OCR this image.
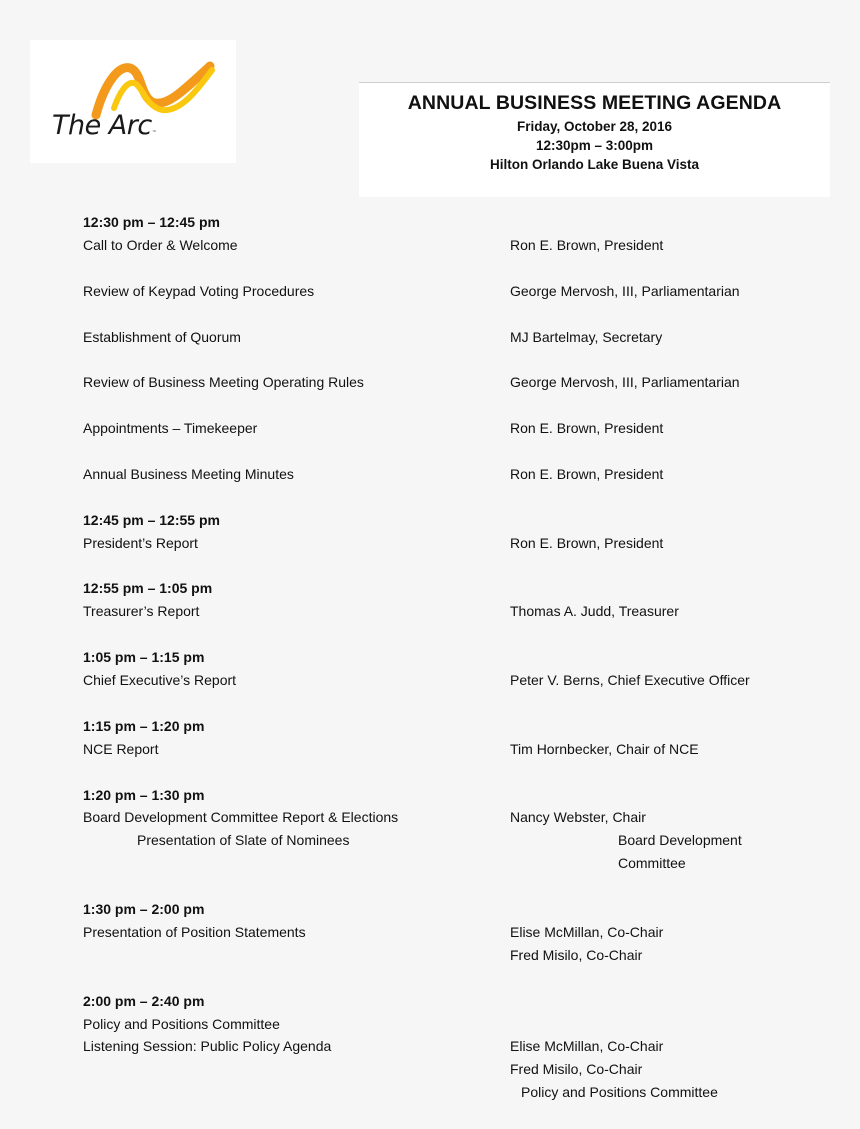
The Arc™
ANNUAL BUSINESS MEETING AGENDA
Friday, October 28, 2016
12:30pm – 3:00pm
Hilton Orlando Lake Buena Vista
12:30 pm – 12:45 pm
Call to Order & Welcome	Ron E. Brown, President
Review of Keypad Voting Procedures	George Mervosh, III, Parliamentarian
Establishment of Quorum	MJ Bartelmay, Secretary
Review of Business Meeting Operating Rules	George Mervosh, III, Parliamentarian
Appointments – Timekeeper	Ron E. Brown, President
Annual Business Meeting Minutes	Ron E. Brown, President
12:45 pm – 12:55 pm
President’s Report	Ron E. Brown, President
12:55 pm – 1:05 pm
Treasurer’s Report	Thomas A. Judd, Treasurer
1:05 pm – 1:15 pm
Chief Executive’s Report	Peter V. Berns, Chief Executive Officer
1:15 pm – 1:20 pm
NCE Report	Tim Hornbecker, Chair of NCE
1:20 pm – 1:30 pm
Board Development Committee Report & Elections	Nancy Webster, Chair
Presentation of Slate of Nominees	Board Development Committee
1:30 pm – 2:00 pm
Presentation of Position Statements	Elise McMillan, Co-Chair
Fred Misilo, Co-Chair
2:00 pm – 2:40 pm
Policy and Positions Committee
Listening Session: Public Policy Agenda	Elise McMillan, Co-Chair
Fred Misilo, Co-Chair
Policy and Positions Committee
